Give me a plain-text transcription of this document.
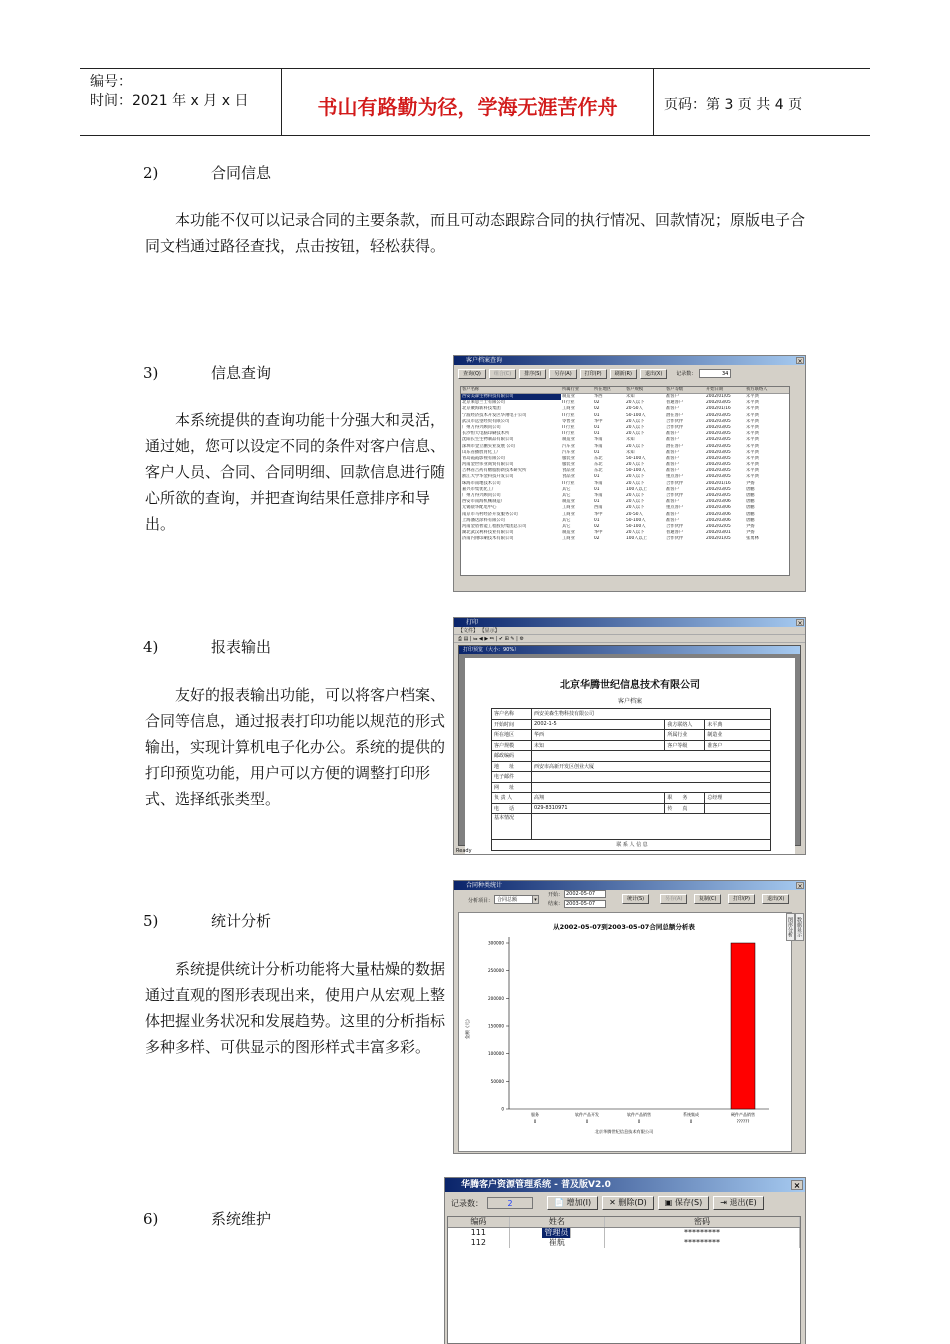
编号：
时间：2021 年 x 月 x 日	书山有路勤为径，学海无涯苦作舟	页码：第 3 页 共 4 页
2)	合同信息
本功能不仅可以记录合同的主要条款，而且可动态跟踪合同的执行情况、回款情况；原版电子合同文档通过路径查找，点击按钮，轻松获得。
3)	信息查询
本系统提供的查询功能十分强大和灵活，通过她，您可以设定不同的条件对客户信息、客户人员、合同、合同明细、回款信息进行随心所欲的查询，并把查询结果任意排序和导出。
客户档案查询	×
查询(Q)	组合(C)	排序(S)	另存(A)	打印(P)	刷新(R)	退出(X)	记录数：	34
客户名称	所属行业	所在地区	客户规模	客户等级	开始日期	我方联络人
西安美森生物科技有限公司	制造业	华西	未知	准客户	2002/01/05	未平典
北京莱思兰士有限公司	IT行业	02	20人以下	普通客户	2002/03/05	未平典
北京聚海新科技集团	工商业	02	20-50人	准客户	2002/01/16	未平典
宁波经济技术开发区华翔电子公司	IT行业	01	50-100人	潜在客户	2002/03/05	未平典
武汉市远望经贸有限公司	零售业	华中	20人以下	合作伙伴	2002/03/05	未平典
广州万得兴顾问公司	IT行业	01	20人以下	合作伙伴	2002/03/05	未平典
长沙恒天电脑印刷技术所	IT行业	01	20人以下	准客户	2002/03/05	未平典
沈阳长生生物制品有限公司	制造业	华南	未知	准客户	2002/03/05	未平典
深圳市金立鹏实业发展 公司	汽车业	华南	20人以下	潜在客户	2002/03/05	未平典
山东省播放育化工厂	汽车业	01	未知	准客户	2002/03/05	未平典
青岛霞霞影视有限公司	服装业	东北	50-100人	准客户	2002/03/05	未平典
河南金世伟业商贸有限公司	服装业	东北	20人以下	准客户	2002/03/05	未平典
吉林省吉药有糖脂肪新技术研究所	食品业	东北	50-100人	准客户	2002/03/05	未平典
浙江大学华金科技开发公司	食品业	01	20人以下	重点客户	2002/03/05	未平典
珠海市南地技术公司	IT行业	华南	20人以下	合作伙伴	2002/01/16	尹扬
嘉兴市集优化工厂	其它	01	100人以上	准客户	2002/03/05	唐鹏
广州万得兴顾问公司	其它	华南	20人以下	合作伙伴	2002/03/05	唐鹏
西安市南海机械制造厂	制造业	01	20人以下	准客户	2002/03/06	唐鹏
无锡晨华配电中心	工商业	西南	20人以下	重点客户	2002/03/06	唐鹏
南京市马村经济开发服务公司	工商业	华中	20-50人	准客户	2002/03/06	唐鹏
上海潘达涂料有限公司	其它	01	50-100人	准客户	2002/03/06	唐鹏
河南金盾智能工程股份集团总公司	其它	02	50-100人	合作伙伴	2002/02/05	尹扬
湖北武汉利科技业有限公司	制造业	华中	20人以下	普通客户	2002/03/01	尹扬
济南内翔印刷技术有限公司	工商业	02	100人以上	合作伙伴	2002/01/05	张勇林
4)	报表输出
友好的报表输出功能，可以将客户档案、合同等信息，通过报表打印功能以规范的形式输出，实现计算机电子化办公。系统的提供的打印预览功能，用户可以方便的调整打印形式、选择纸张类型。
打印	×
【文件】 【显示】
⎙ ▤ | ⏮ ◀ ▶ ⏭ | ✔ ⊞ ✎ | ⚙
打印预览（大小：90%）
北京华腾世纪信息技术有限公司
客户档案
客户名称	西安美森生物科技有限公司		
开始时间	2002-1-5	我方联络人	未平典
所在地区	华西	所属行业	制造业
客户规模	未知	客户等级	准客户
邮政编码			
地　　址	西安市高新开发区创业大厦		
电子邮件			
网　　址			
负 责 人	高翔	职　　务	总经理
电　　话	029-8310971	传　　真	
基本情况			
联 系 人 信 息			
Ready
5)	统计分析
系统提供统计分析功能将大量枯燥的数据通过直观的图形表现出来，使用户从宏观上整体把握业务状况和发展趋势。这里的分析指标多种多样、可供显示的图形样式丰富多彩。
合同种类统计	×
分析项目： 合同总额	▾
开始： 2002-05-07
结束： 2003-05-07
统计(S)	另存(A)	复制(C)	打印(P)	退出(X)
从2002-05-07到2003-05-07合同总额分析表
0
50000
100000
150000
200000
250000
300000
金额（元）
服务
0
软件产品开发
0
软件产品销售
0
系统集成
0
硬件产品销售
??????
北京华腾世纪信息技术有限公司
数据显示
图形分析
6)	系统维护
华腾客户资源管理系统 - 普及版V2.0	×
记录数：	2	📄 增加(I)	✕ 删除(D)	▣ 保存(S)	⇥ 退出(E)
编码	姓名	密码
111	管理员	*********
112	崔航	*********
